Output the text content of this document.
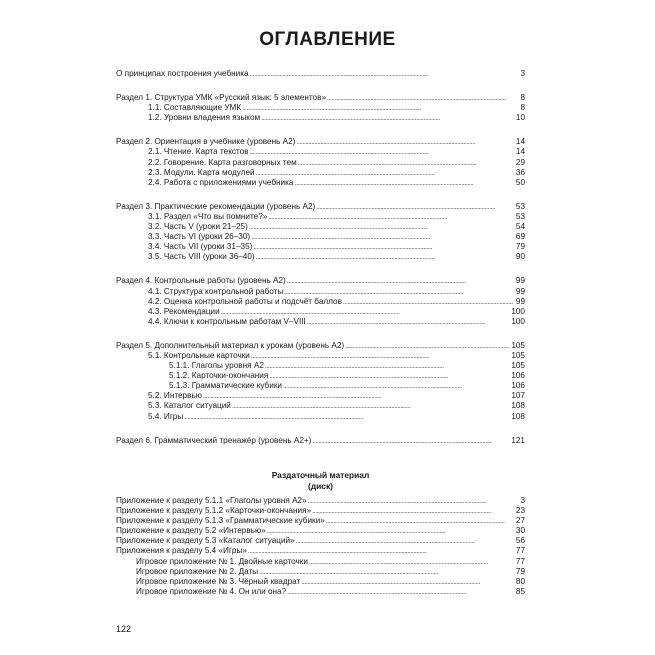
ОГЛАВЛЕНИЕ
О принципах построения учебника . . .	3
Раздел 1. Структура УМК «Русский язык: 5 элементов» . . .	8
1.1. Составляющие УМК . . .	8
1.2. Уровни владения языком . . .	10
Раздел 2. Ориентация в учебнике (уровень А2) . . .	14
2.1. Чтение. Карта текстов . . .	14
2.2. Говорение. Карта разговорных тем . . .	29
2.3. Модули. Карта модулей . . .	36
2.4. Работа с приложениями учебника . . .	50
Раздел 3. Практические рекомендации (уровень А2) . . .	53
3.1. Раздел «Что вы помните?» . . .	53
3.2. Часть V (уроки 21–25) . . .	54
3.3. Часть VI (уроки 26–30) . . .	69
3.4. Часть VII (уроки 31–35) . . .	79
3.5. Часть VIII (уроки 36–40) . . .	90
Раздел 4. Контрольные работы (уровень А2) . . .	99
4.1. Структура контрольной работы . . .	99
4.2. Оценка контрольной работы и подсчёт баллов . . .	99
4.3. Рекомендации . . .	100
4.4. Ключи к контрольным работам V–VIII . . .	100
Раздел 5. Дополнительный материал к урокам (уровень А2) . . .	105
5.1. Контрольные карточки . . .	105
5.1.1. Глаголы уровня А2 . . .	105
5.1.2. Карточки-окончания . . .	106
5.1.3. Грамматические кубики . . .	106
5.2. Интервью . . .	107
5.3. Каталог ситуаций . . .	108
5.4. Игры . . .	108
Раздел 6. Грамматический тренажёр (уровень А2+) . . .	121
Раздаточный материал
(диск)
Приложение к разделу 5.1.1 «Глаголы уровня А2» . . .	3
Приложение к разделу 5.1.2 «Карточки-окончания» . . .	23
Приложение к разделу 5.1.3 «Грамматические кубики» . . .	27
Приложение к разделу 5.2 «Интервью» . . .	30
Приложение к разделу 5.3 «Каталог ситуаций» . . .	56
Приложения к разделу 5.4 «Игры» . . .	77
Игровое приложение № 1. Двойные карточки . . .	77
Игровое приложение № 2. Даты . . .	79
Игровое приложение № 3. Чёрный квадрат . . .	80
Игровое приложение № 4. Он или она? . . .	85
122
